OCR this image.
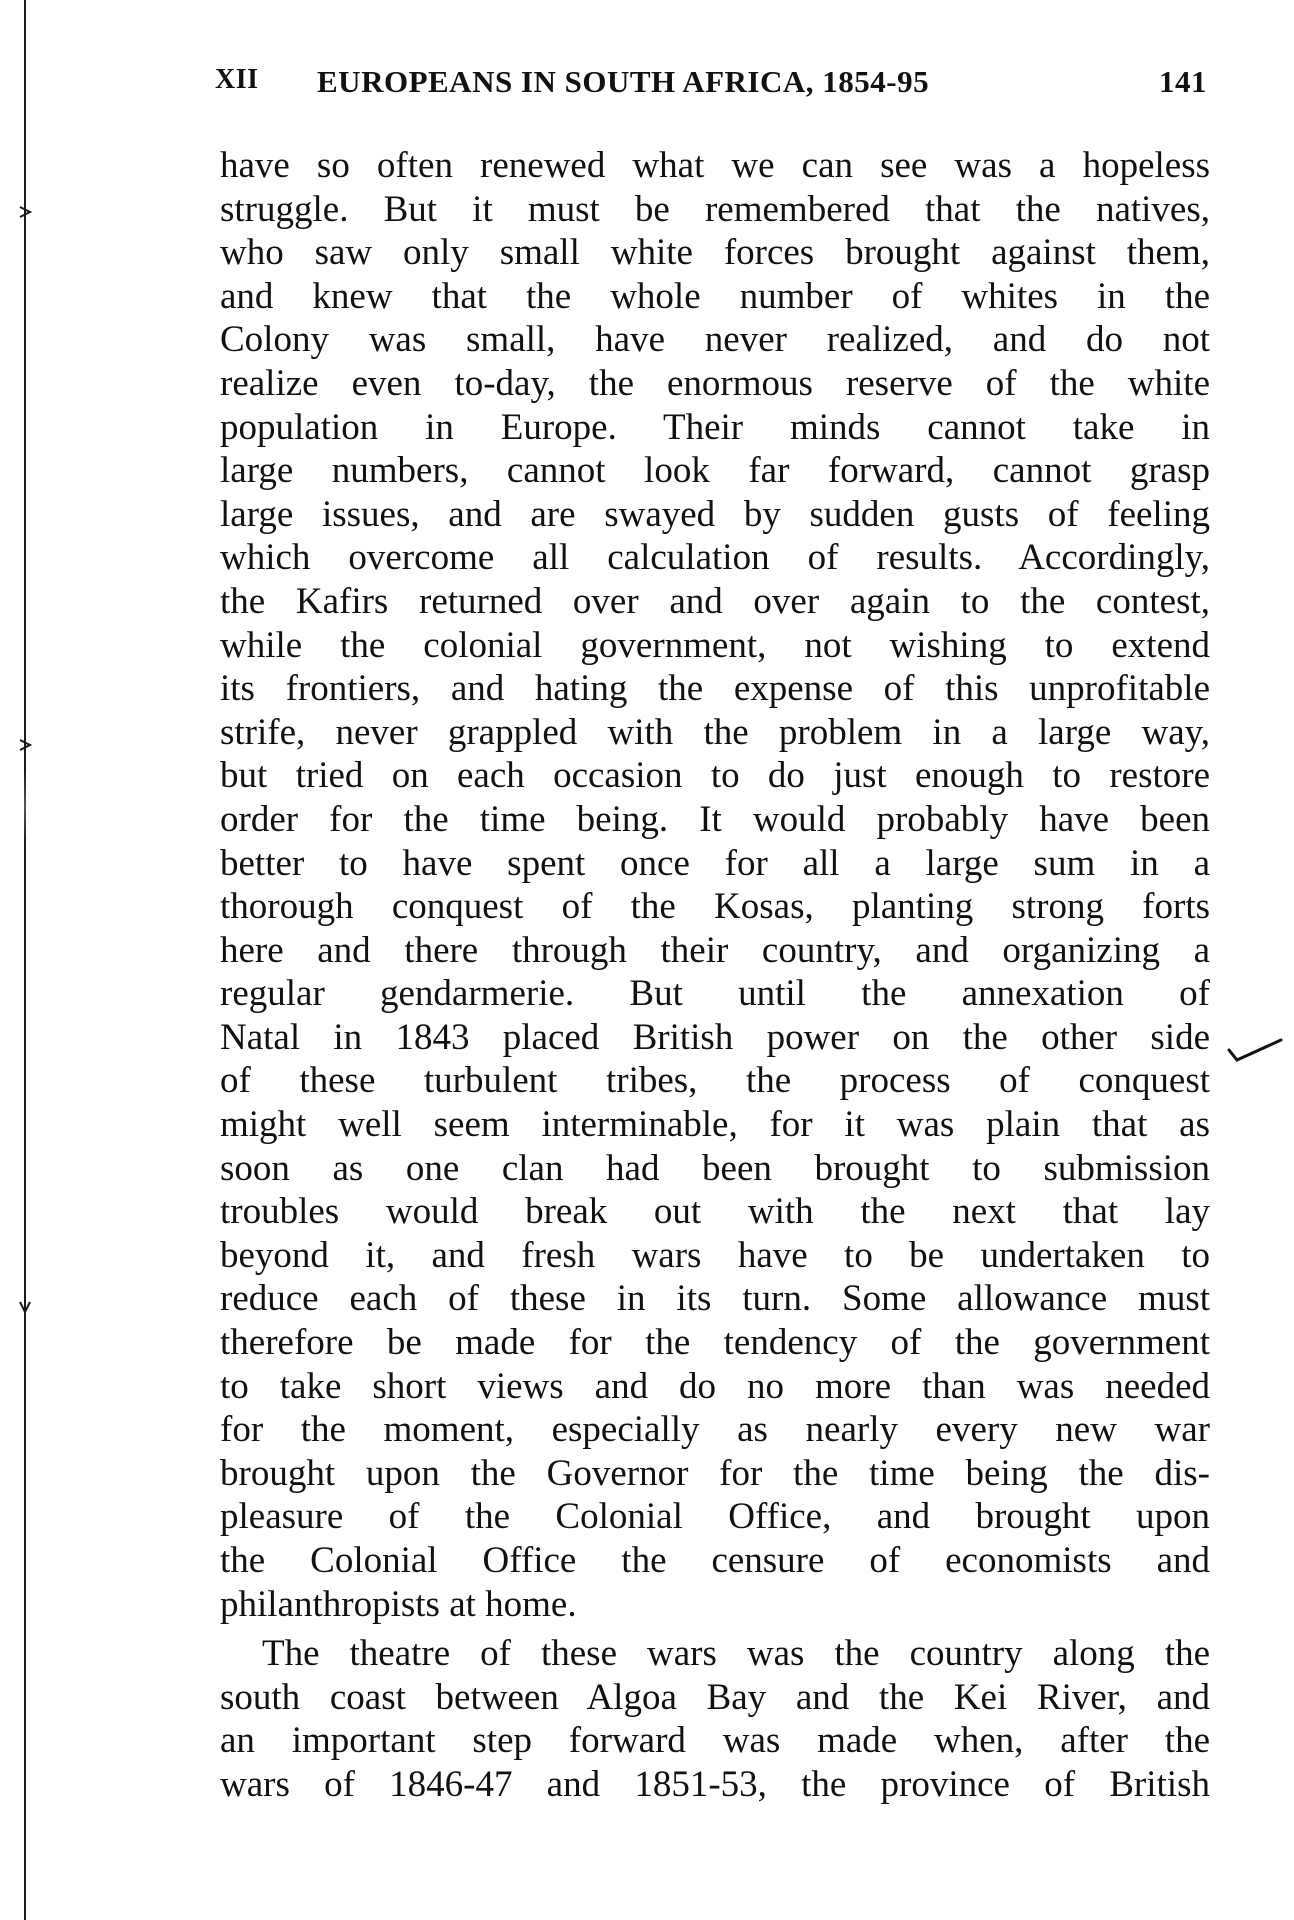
XII EUROPEANS IN SOUTH AFRICA, 1854-95	141
have so often renewed what we can see was a hopeless
struggle. But it must be remembered that the natives,
who saw only small white forces brought against them,
and knew that the whole number of whites in the
Colony was small, have never realized, and do not
realize even to-day, the enormous reserve of the white
population in Europe. Their minds cannot take in
large numbers, cannot look far forward, cannot grasp
large issues, and are swayed by sudden gusts of feeling
which overcome all calculation of results. Accordingly,
the Kafirs returned over and over again to the contest,
while the colonial government, not wishing to extend
its frontiers, and hating the expense of this unprofitable
strife, never grappled with the problem in a large way,
but tried on each occasion to do just enough to restore
order for the time being. It would probably have been
better to have spent once for all a large sum in a
thorough conquest of the Kosas, planting strong forts
here and there through their country, and organizing a
regular gendarmerie. But until the annexation of
Natal in 1843 placed British power on the other side
of these turbulent tribes, the process of conquest
might well seem interminable, for it was plain that as
soon as one clan had been brought to submission
troubles would break out with the next that lay
beyond it, and fresh wars have to be undertaken to
reduce each of these in its turn. Some allowance must
therefore be made for the tendency of the government
to take short views and do no more than was needed
for the moment, especially as nearly every new war
brought upon the Governor for the time being the dis-
pleasure of the Colonial Office, and brought upon
the Colonial Office the censure of economists and
philanthropists at home.
The theatre of these wars was the country along the
south coast between Algoa Bay and the Kei River, and
an important step forward was made when, after the
wars of 1846-47 and 1851-53, the province of British
